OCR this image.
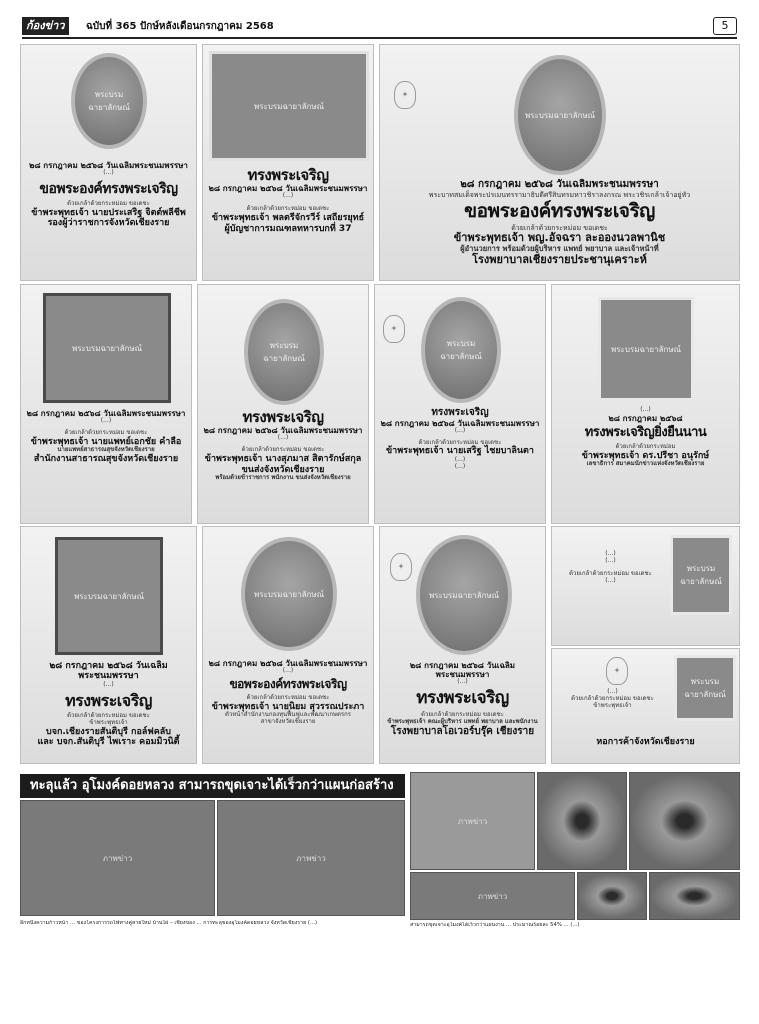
ก้องข่าว	ฉบับที่ 365 ปักษ์หลังเดือนกรกฎาคม 2568	5
พระบรมฉายาลักษณ์
๒๘ กรกฎาคม ๒๕๖๘ วันเฉลิมพระชนมพรรษา
(...)
ขอพระองค์ทรงพระเจริญ
ด้วยเกล้าด้วยกระหม่อม ขอเดชะ
ข้าพระพุทธเจ้า นายประเสริฐ จิตต์พลีชีพ
รองผู้ว่าราชการจังหวัดเชียงราย
พระบรมฉายาลักษณ์
ทรงพระเจริญ
๒๘ กรกฎาคม ๒๕๖๘ วันเฉลิมพระชนมพรรษา
(...)
ด้วยเกล้าด้วยกระหม่อม ขอเดชะ
ข้าพระพุทธเจ้า พลตรีจักรวีร์ เสถียรยุทธ์
ผู้บัญชาการมณฑลทหารบกที่ 37
✦
พระบรมฉายาลักษณ์
๒๘ กรกฎาคม ๒๕๖๘ วันเฉลิมพระชนมพรรษา
พระบาทสมเด็จพระปรเมนทรรามาธิบดีศรีสินทรมหาวชิราลงกรณ พระวชิรเกล้าเจ้าอยู่หัว
ขอพระองค์ทรงพระเจริญ
ด้วยเกล้าด้วยกระหม่อม ขอเดชะ
ข้าพระพุทธเจ้า พญ.อัจฉรา ละอองนวลพานิช
ผู้อำนวยการ พร้อมด้วยผู้บริหาร แพทย์ พยาบาล และเจ้าหน้าที่
โรงพยาบาลเชียงรายประชานุเคราะห์
พระบรมฉายาลักษณ์
๒๘ กรกฎาคม ๒๕๖๘ วันเฉลิมพระชนมพรรษา
(...)
ด้วยเกล้าด้วยกระหม่อม ขอเดชะ
ข้าพระพุทธเจ้า นายแพทย์เอกชัย คำลือ
นายแพทย์สาธารณสุขจังหวัดเชียงราย
สำนักงานสาธารณสุขจังหวัดเชียงราย
พระบรมฉายาลักษณ์
ทรงพระเจริญ
๒๘ กรกฎาคม ๒๕๖๘ วันเฉลิมพระชนมพรรษา
(...)
ด้วยเกล้าด้วยกระหม่อม ขอเดชะ
ข้าพระพุทธเจ้า นางสุภมาส สิตารักษ์สกุล
ขนส่งจังหวัดเชียงราย
พร้อมด้วยข้าราชการ พนักงาน ขนส่งจังหวัดเชียงราย
✦
พระบรมฉายาลักษณ์
ทรงพระเจริญ
๒๘ กรกฎาคม ๒๕๖๘ วันเฉลิมพระชนมพรรษา
(...)
ด้วยเกล้าด้วยกระหม่อม ขอเดชะ
ข้าพระพุทธเจ้า นายเสริฐ ไชยบาลินตา
(...)
(...)
พระบรมฉายาลักษณ์
(...)
๒๘ กรกฎาคม ๒๕๖๘
ทรงพระเจริญยิ่งยืนนาน
ด้วยเกล้าด้วยกระหม่อม
ข้าพระพุทธเจ้า ดร.ปรีชา อนุรักษ์
เลขาธิการ สมาคมนักข่าวแห่งจังหวัดเชียงราย
พระบรมฉายาลักษณ์
๒๘ กรกฎาคม ๒๕๖๘ วันเฉลิมพระชนมพรรษา
(...)
ทรงพระเจริญ
ด้วยเกล้าด้วยกระหม่อม ขอเดชะ
ข้าพระพุทธเจ้า
บจก.เชียงรายสันติบุรี กอล์ฟคลับ
และ บจก.สันติบุรี ไพเราะ คอมมิวนิตี้
พระบรมฉายาลักษณ์
๒๘ กรกฎาคม ๒๕๖๘ วันเฉลิมพระชนมพรรษา
(...)
ขอพระองค์ทรงพระเจริญ
ด้วยเกล้าด้วยกระหม่อม ขอเดชะ
ข้าพระพุทธเจ้า นายนิยม สุวรรณประภา
ตัวหน้าสำนักงานกองทุนฟื้นฟูและพัฒนาเกษตรกร
สาขาจังหวัดเชียงราย
✦
พระบรมฉายาลักษณ์
๒๘ กรกฎาคม ๒๕๖๘ วันเฉลิมพระชนมพรรษา
(...)
ทรงพระเจริญ
ด้วยเกล้าด้วยกระหม่อม ขอเดชะ
ข้าพระพุทธเจ้า คณะผู้บริหาร แพทย์ พยาบาล และพนักงาน
โรงพยาบาลโอเวอร์บรุ๊ค เชียงราย
พระบรมฉายาลักษณ์
(...)
(...)
ด้วยเกล้าด้วยกระหม่อม ขอเดชะ
(...)
✦
พระบรมฉายาลักษณ์
(...)
ด้วยเกล้าด้วยกระหม่อม ขอเดชะ
ข้าพระพุทธเจ้า
หอการค้าจังหวัดเชียงราย
ทะลุแล้ว อุโมงค์ดอยหลวง สามารถขุดเจาะได้เร็วกว่าแผนก่อสร้าง
ภาพข่าว	ภาพข่าว
ภาพข่าว
ภาพข่าว
อีกหนึ่งความก้าวหน้า ... ของโครงการรถไฟทางคู่สายใหม่ บ้านไผ่ – เชียงของ ... การทะลุของอุโมงค์ดอยหลวง จังหวัดเชียงราย (...)	สามารถขุดเจาะอุโมงค์ได้เร็วกว่าแผนงาน ... ประมาณร้อยละ 54% ... (...)
